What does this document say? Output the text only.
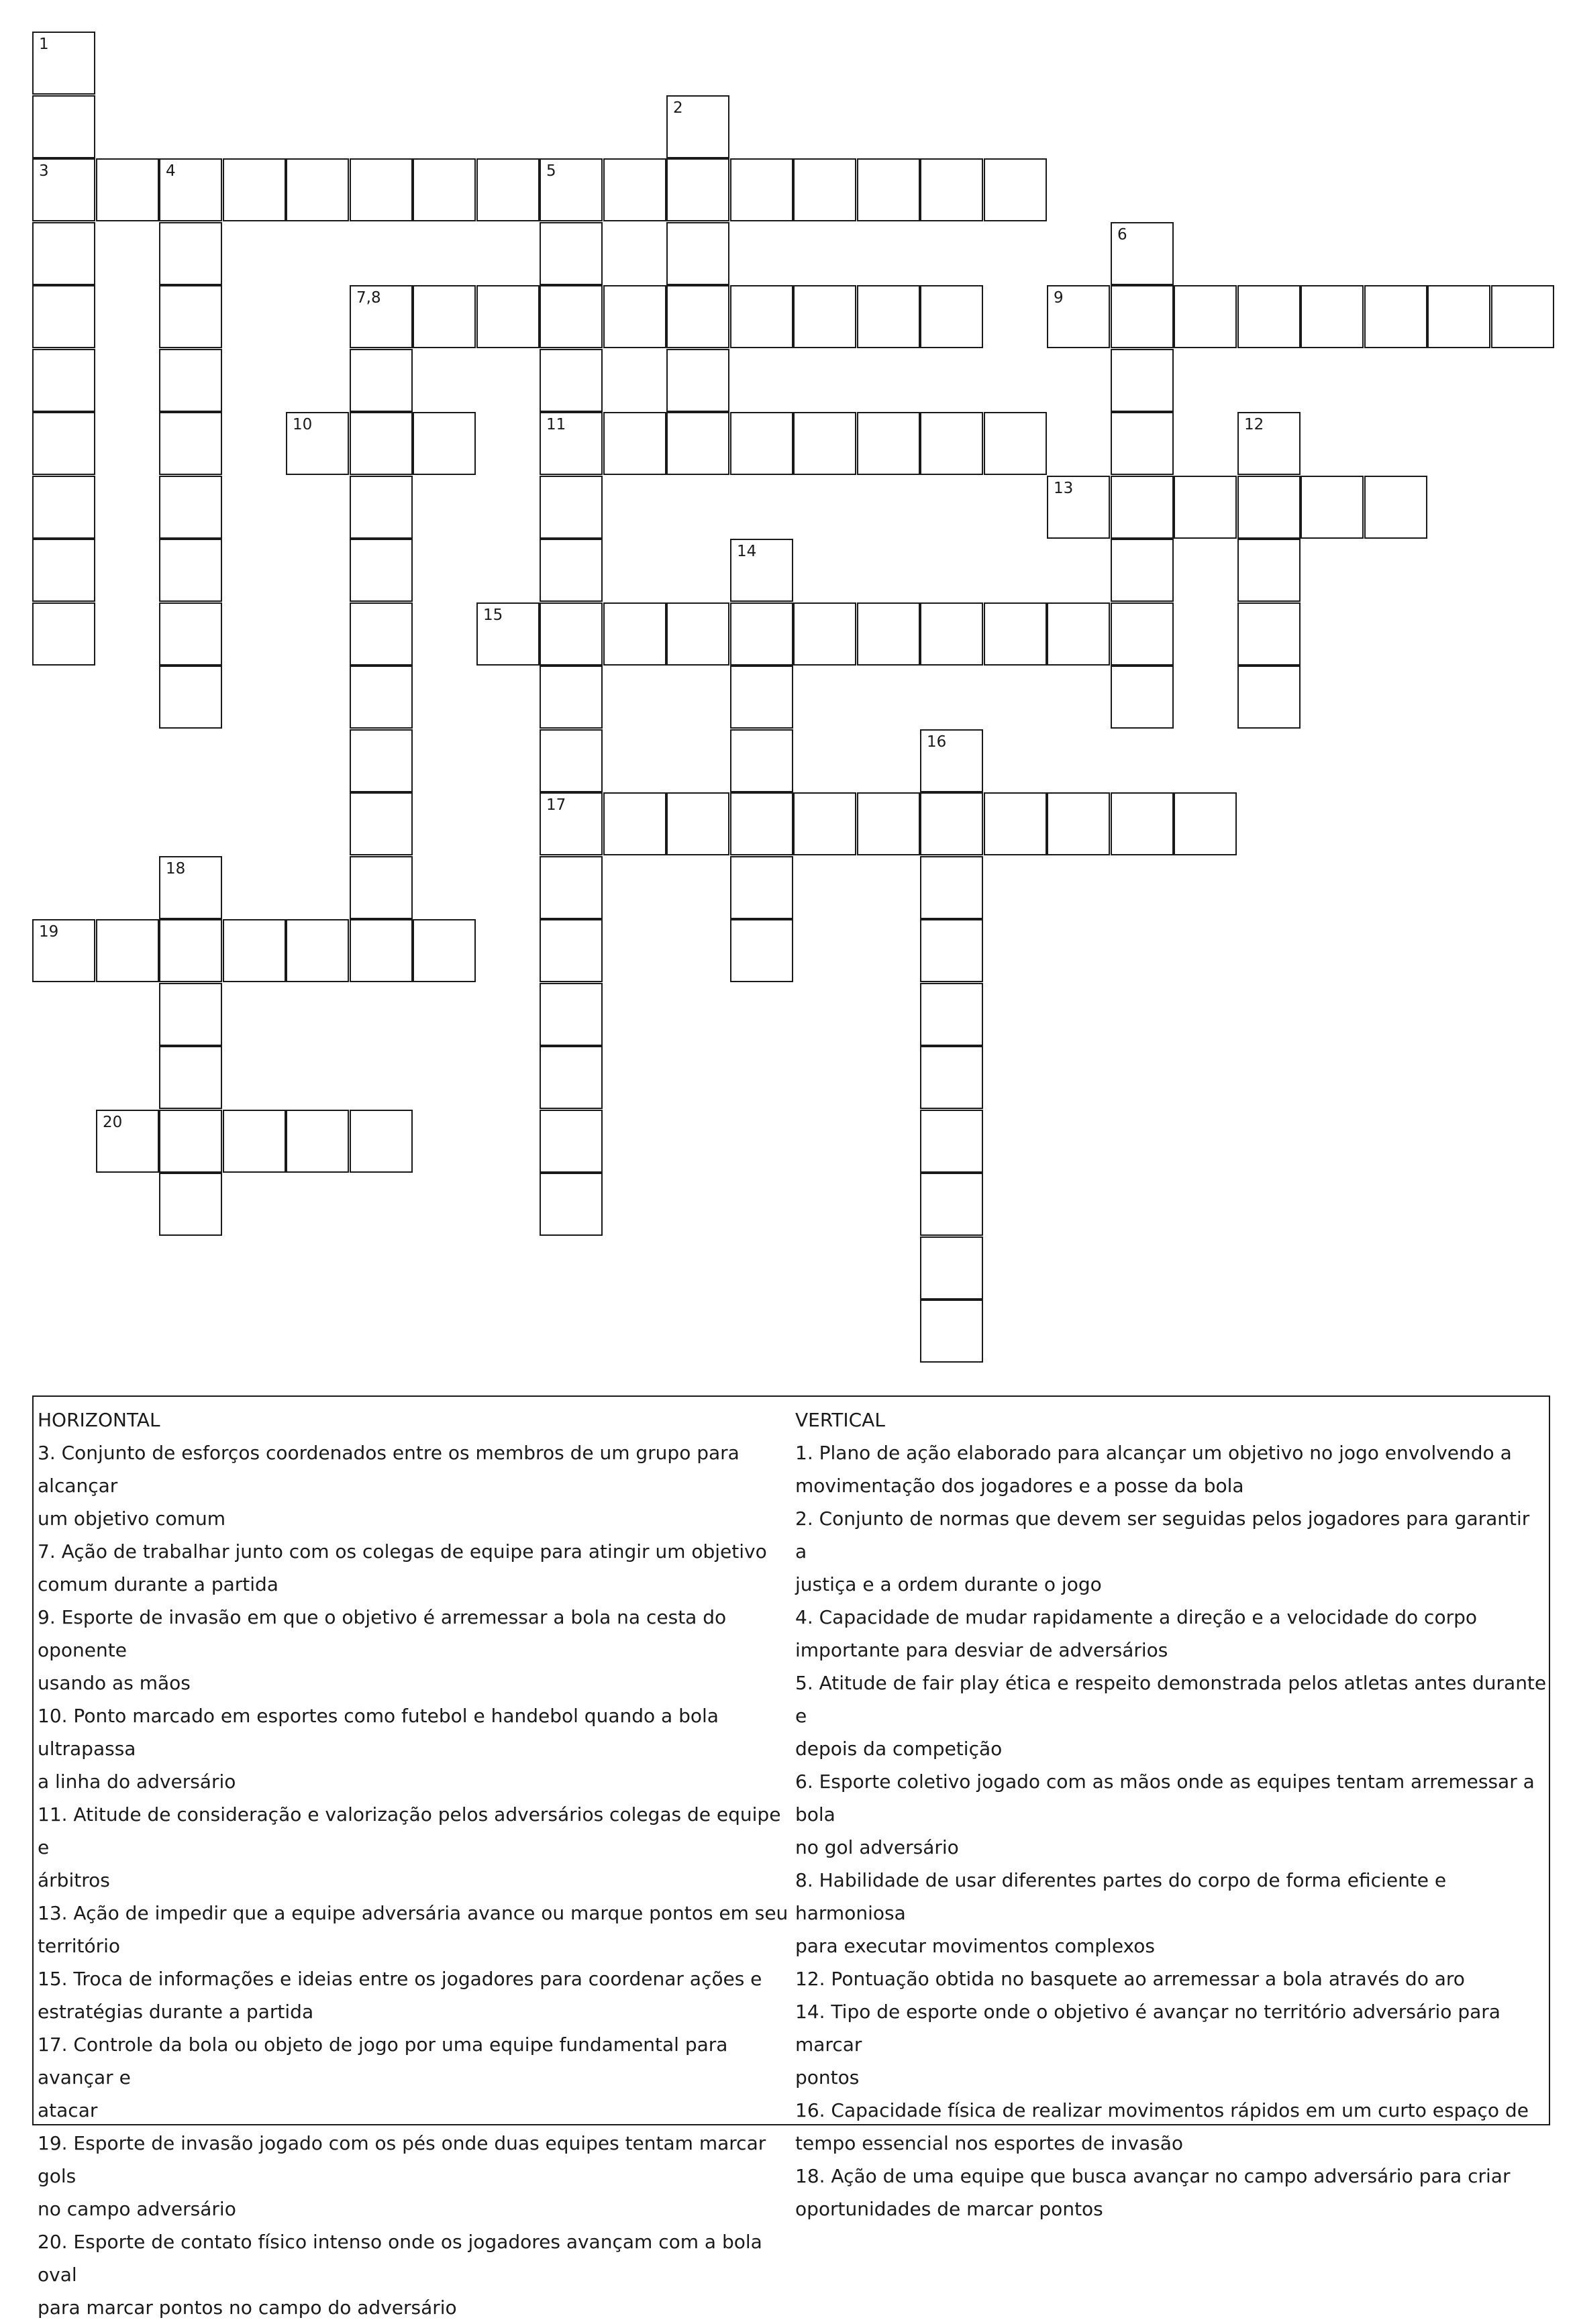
1
3
2
4	5
11
17
6
7,8	9
10	12
13
14
15
16
18
19
20
HORIZONTAL

3. Conjunto de esforços coordenados entre os membros de um grupo para alcançar

um objetivo comum

7. Ação de trabalhar junto com os colegas de equipe para atingir um objetivo

comum durante a partida

9. Esporte de invasão em que o objetivo é arremessar a bola na cesta do oponente

usando as mãos

10. Ponto marcado em esportes como futebol e handebol quando a bola ultrapassa

a linha do adversário

11. Atitude de consideração e valorização pelos adversários colegas de equipe e

árbitros

13. Ação de impedir que a equipe adversária avance ou marque pontos em seu

território

15. Troca de informações e ideias entre os jogadores para coordenar ações e

estratégias durante a partida

17. Controle da bola ou objeto de jogo por uma equipe fundamental para avançar e

atacar

19. Esporte de invasão jogado com os pés onde duas equipes tentam marcar gols

no campo adversário

20. Esporte de contato físico intenso onde os jogadores avançam com a bola oval

para marcar pontos no campo do adversário

VERTICAL

1. Plano de ação elaborado para alcançar um objetivo no jogo envolvendo a

movimentação dos jogadores e a posse da bola

2. Conjunto de normas que devem ser seguidas pelos jogadores para garantir a

justiça e a ordem durante o jogo

4. Capacidade de mudar rapidamente a direção e a velocidade do corpo

importante para desviar de adversários

5. Atitude de fair play ética e respeito demonstrada pelos atletas antes durante e

depois da competição

6. Esporte coletivo jogado com as mãos onde as equipes tentam arremessar a bola

no gol adversário

8. Habilidade de usar diferentes partes do corpo de forma eficiente e harmoniosa

para executar movimentos complexos

12. Pontuação obtida no basquete ao arremessar a bola através do aro

14. Tipo de esporte onde o objetivo é avançar no território adversário para marcar

pontos

16. Capacidade física de realizar movimentos rápidos em um curto espaço de

tempo essencial nos esportes de invasão

18. Ação de uma equipe que busca avançar no campo adversário para criar

oportunidades de marcar pontos
